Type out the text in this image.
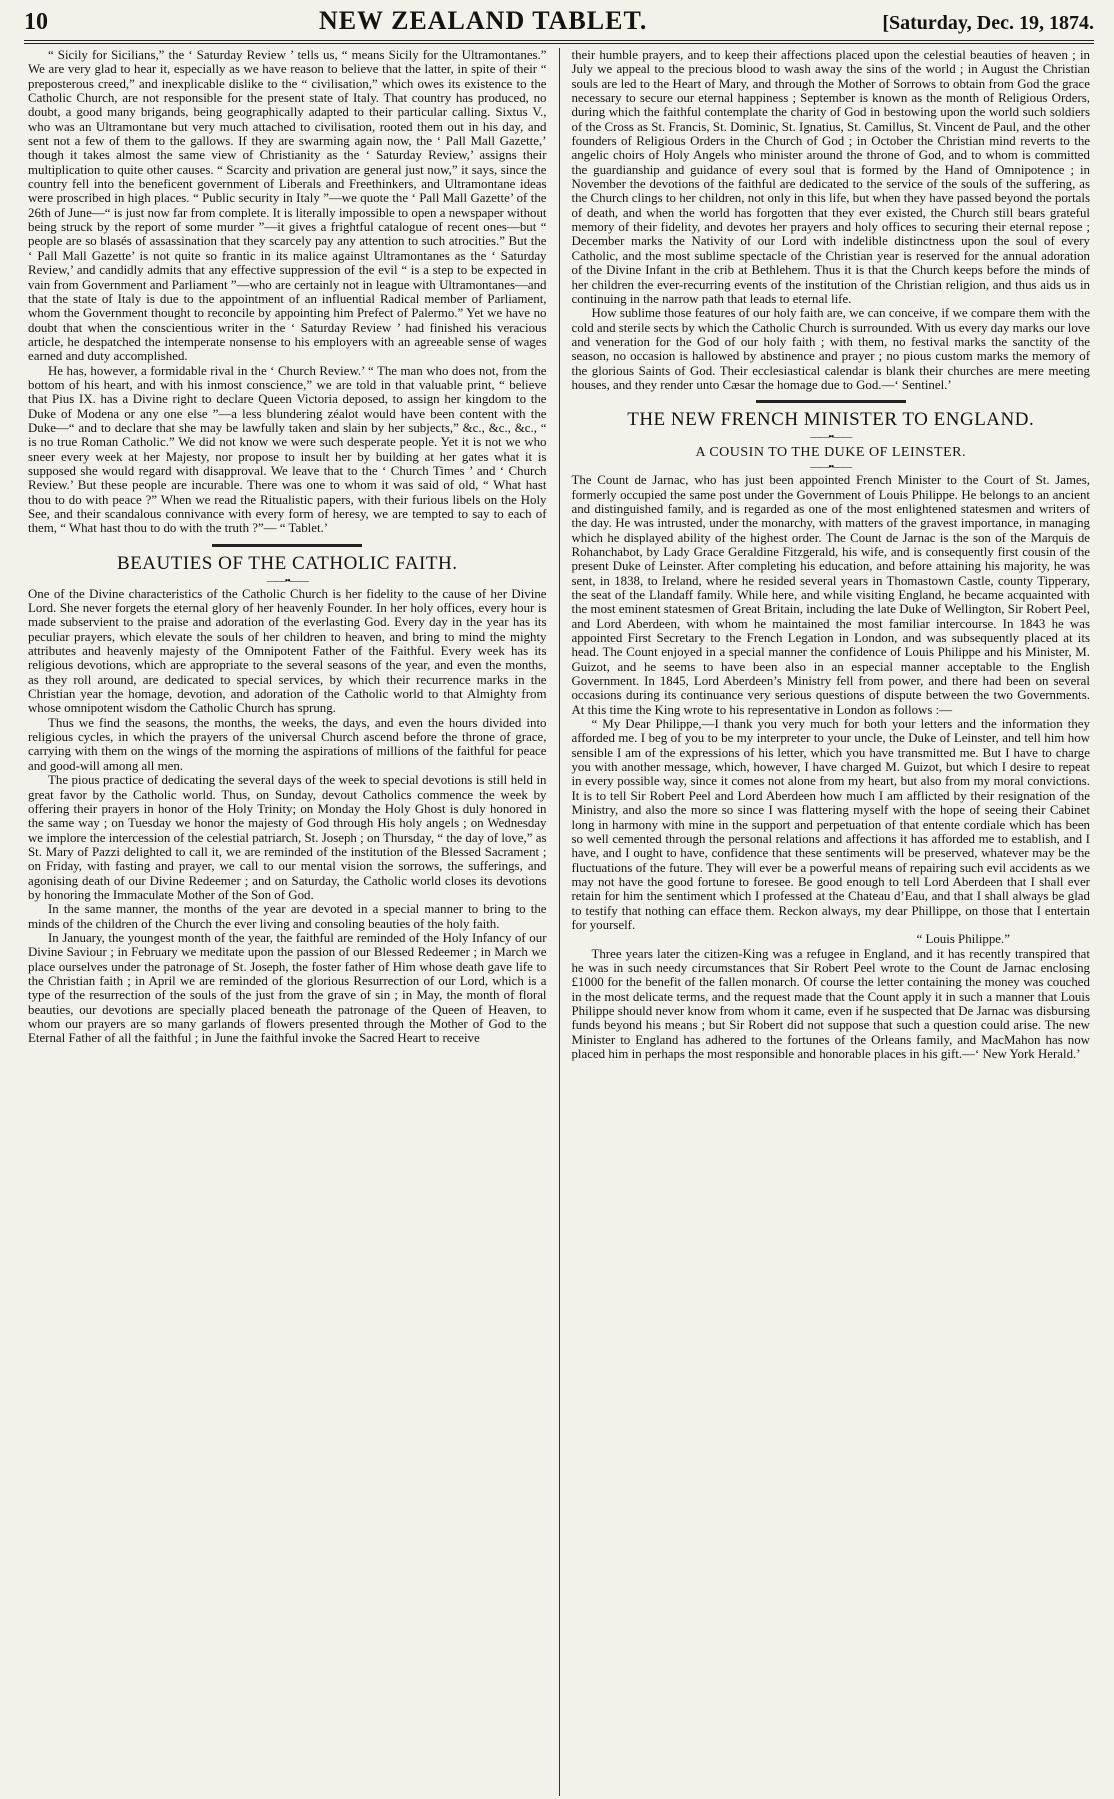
10	NEW ZEALAND TABLET.	[Saturday, Dec. 19, 1874.

“ Sicily for Sicilians,” the ‘ Saturday Review ’ tells us, “ means Sicily for the Ultramontanes.” We are very glad to hear it, especially as we have reason to believe that the latter, in spite of their “ preposterous creed,” and inexplicable dislike to the “ civilisation,” which owes its existence to the Catholic Church, are not responsible for the present state of Italy. That country has produced, no doubt, a good many brigands, being geographically adapted to their particular calling. Sixtus V., who was an Ultramontane but very much attached to civilisation, rooted them out in his day, and sent not a few of them to the gallows. If they are swarming again now, the ‘ Pall Mall Gazette,’ though it takes almost the same view of Christianity as the ‘ Saturday Review,’ assigns their multiplication to quite other causes. “ Scarcity and privation are general just now,” it says, since the country fell into the beneficent government of Liberals and Freethinkers, and Ultramontane ideas were proscribed in high places. “ Public security in Italy ”—we quote the ‘ Pall Mall Gazette’ of the 26th of June—“ is just now far from complete. It is literally impossible to open a newspaper without being struck by the report of some murder ”—it gives a frightful catalogue of recent ones—but “ people are so blasés of assassination that they scarcely pay any attention to such atrocities.” But the ‘ Pall Mall Gazette’ is not quite so frantic in its malice against Ultramontanes as the ‘ Saturday Review,’ and candidly admits that any effective suppression of the evil “ is a step to be expected in vain from Government and Parliament ”—who are certainly not in league with Ultramontanes—and that the state of Italy is due to the appointment of an influential Radical member of Parliament, whom the Government thought to reconcile by appointing him Prefect of Palermo.” Yet we have no doubt that when the conscientious writer in the ‘ Saturday Review ’ had finished his veracious article, he despatched the intemperate nonsense to his employers with an agreeable sense of wages earned and duty accomplished.

He has, however, a formidable rival in the ‘ Church Review.’ “ The man who does not, from the bottom of his heart, and with his inmost conscience,” we are told in that valuable print, “ believe that Pius IX. has a Divine right to declare Queen Victoria deposed, to assign her kingdom to the Duke of Modena or any one else ”—a less blundering zéalot would have been content with the Duke—“ and to declare that she may be lawfully taken and slain by her subjects,” &c., &c., &c., “ is no true Roman Catholic.” We did not know we were such desperate people. Yet it is not we who sneer every week at her Majesty, nor propose to insult her by building at her gates what it is supposed she would regard with disapproval. We leave that to the ‘ Church Times ’ and ‘ Church Review.’ But these people are incurable. There was one to whom it was said of old, “ What hast thou to do with peace ?” When we read the Ritualistic papers, with their furious libels on the Holy See, and their scandalous connivance with every form of heresy, we are tempted to say to each of them, “ What hast thou to do with the truth ?”— “ Tablet.’

BEAUTIES OF THE CATHOLIC FAITH.
——••——

One of the Divine characteristics of the Catholic Church is her fidelity to the cause of her Divine Lord. She never forgets the eternal glory of her heavenly Founder. In her holy offices, every hour is made subservient to the praise and adoration of the everlasting God. Every day in the year has its peculiar prayers, which elevate the souls of her children to heaven, and bring to mind the mighty attributes and heavenly majesty of the Omnipotent Father of the Faithful. Every week has its religious devotions, which are appropriate to the several seasons of the year, and even the months, as they roll around, are dedicated to special services, by which their recurrence marks in the Christian year the homage, devotion, and adoration of the Catholic world to that Almighty from whose omnipotent wisdom the Catholic Church has sprung.

Thus we find the seasons, the months, the weeks, the days, and even the hours divided into religious cycles, in which the prayers of the universal Church ascend before the throne of grace, carrying with them on the wings of the morning the aspirations of millions of the faithful for peace and good-will among all men.

The pious practice of dedicating the several days of the week to special devotions is still held in great favor by the Catholic world. Thus, on Sunday, devout Catholics commence the week by offering their prayers in honor of the Holy Trinity; on Monday the Holy Ghost is duly honored in the same way ; on Tuesday we honor the majesty of God through His holy angels ; on Wednesday we implore the intercession of the celestial patriarch, St. Joseph ; on Thursday, “ the day of love,” as St. Mary of Pazzi delighted to call it, we are reminded of the institution of the Blessed Sacrament ; on Friday, with fasting and prayer, we call to our mental vision the sorrows, the sufferings, and agonising death of our Divine Redeemer ; and on Saturday, the Catholic world closes its devotions by honoring the Immaculate Mother of the Son of God.

In the same manner, the months of the year are devoted in a special manner to bring to the minds of the children of the Church the ever living and consoling beauties of the holy faith.

In January, the youngest month of the year, the faithful are reminded of the Holy Infancy of our Divine Saviour ; in February we meditate upon the passion of our Blessed Redeemer ; in March we place ourselves under the patronage of St. Joseph, the foster father of Him whose death gave life to the Christian faith ; in April we are reminded of the glorious Resurrection of our Lord, which is a type of the resurrection of the souls of the just from the grave of sin ; in May, the month of floral beauties, our devotions are specially placed beneath the patronage of the Queen of Heaven, to whom our prayers are so many garlands of flowers presented through the Mother of God to the Eternal Father of all the faithful ; in June the faithful invoke the Sacred Heart to receive

their humble prayers, and to keep their affections placed upon the celestial beauties of heaven ; in July we appeal to the precious blood to wash away the sins of the world ; in August the Christian souls are led to the Heart of Mary, and through the Mother of Sorrows to obtain from God the grace necessary to secure our eternal happiness ; September is known as the month of Religious Orders, during which the faithful contemplate the charity of God in bestowing upon the world such soldiers of the Cross as St. Francis, St. Dominic, St. Ignatius, St. Camillus, St. Vincent de Paul, and the other founders of Religious Orders in the Church of God ; in October the Christian mind reverts to the angelic choirs of Holy Angels who minister around the throne of God, and to whom is committed the guardianship and guidance of every soul that is formed by the Hand of Omnipotence ; in November the devotions of the faithful are dedicated to the service of the souls of the suffering, as the Church clings to her children, not only in this life, but when they have passed beyond the portals of death, and when the world has forgotten that they ever existed, the Church still bears grateful memory of their fidelity, and devotes her prayers and holy offices to securing their eternal repose ; December marks the Nativity of our Lord with indelible distinctness upon the soul of every Catholic, and the most sublime spectacle of the Christian year is reserved for the annual adoration of the Divine Infant in the crib at Bethlehem. Thus it is that the Church keeps before the minds of her children the ever-recurring events of the institution of the Christian religion, and thus aids us in continuing in the narrow path that leads to eternal life.

How sublime those features of our holy faith are, we can conceive, if we compare them with the cold and sterile sects by which the Catholic Church is surrounded. With us every day marks our love and veneration for the God of our holy faith ; with them, no festival marks the sanctity of the season, no occasion is hallowed by abstinence and prayer ; no pious custom marks the memory of the glorious Saints of God. Their ecclesiastical calendar is blank their churches are mere meeting houses, and they render unto Cæsar the homage due to God.—‘ Sentinel.’

THE NEW FRENCH MINISTER TO ENGLAND.
——••——
A COUSIN TO THE DUKE OF LEINSTER.
——••——

The Count de Jarnac, who has just been appointed French Minister to the Court of St. James, formerly occupied the same post under the Government of Louis Philippe. He belongs to an ancient and distinguished family, and is regarded as one of the most enlightened statesmen and writers of the day. He was intrusted, under the monarchy, with matters of the gravest importance, in managing which he displayed ability of the highest order. The Count de Jarnac is the son of the Marquis de Rohanchabot, by Lady Grace Geraldine Fitzgerald, his wife, and is consequently first cousin of the present Duke of Leinster. After completing his education, and before attaining his majority, he was sent, in 1838, to Ireland, where he resided several years in Thomastown Castle, county Tipperary, the seat of the Llandaff family. While here, and while visiting England, he became acquainted with the most eminent statesmen of Great Britain, including the late Duke of Wellington, Sir Robert Peel, and Lord Aberdeen, with whom he maintained the most familiar intercourse. In 1843 he was appointed First Secretary to the French Legation in London, and was subsequently placed at its head. The Count enjoyed in a special manner the confidence of Louis Philippe and his Minister, M. Guizot, and he seems to have been also in an especial manner acceptable to the English Government. In 1845, Lord Aberdeen’s Ministry fell from power, and there had been on several occasions during its continuance very serious questions of dispute between the two Governments. At this time the King wrote to his representative in London as follows :—

“ My Dear Philippe,—I thank you very much for both your letters and the information they afforded me. I beg of you to be my interpreter to your uncle, the Duke of Leinster, and tell him how sensible I am of the expressions of his letter, which you have transmitted me. But I have to charge you with another message, which, however, I have charged M. Guizot, but which I desire to repeat in every possible way, since it comes not alone from my heart, but also from my moral convictions. It is to tell Sir Robert Peel and Lord Aberdeen how much I am afflicted by their resignation of the Ministry, and also the more so since I was flattering myself with the hope of seeing their Cabinet long in harmony with mine in the support and perpetuation of that entente cordiale which has been so well cemented through the personal relations and affections it has afforded me to establish, and I have, and I ought to have, confidence that these sentiments will be preserved, whatever may be the fluctuations of the future. They will ever be a powerful means of repairing such evil accidents as we may not have the good fortune to foresee. Be good enough to tell Lord Aberdeen that I shall ever retain for him the sentiment which I professed at the Chateau d’Eau, and that I shall always be glad to testify that nothing can efface them. Reckon always, my dear Phillippe, on those that I entertain for yourself.

“ Louis Philippe.”

Three years later the citizen-King was a refugee in England, and it has recently transpired that he was in such needy circumstances that Sir Robert Peel wrote to the Count de Jarnac enclosing £1000 for the benefit of the fallen monarch. Of course the letter containing the money was couched in the most delicate terms, and the request made that the Count apply it in such a manner that Louis Philippe should never know from whom it came, even if he suspected that De Jarnac was disbursing funds beyond his means ; but Sir Robert did not suppose that such a question could arise. The new Minister to England has adhered to the fortunes of the Orleans family, and MacMahon has now placed him in perhaps the most responsible and honorable places in his gift.—‘ New York Herald.’
